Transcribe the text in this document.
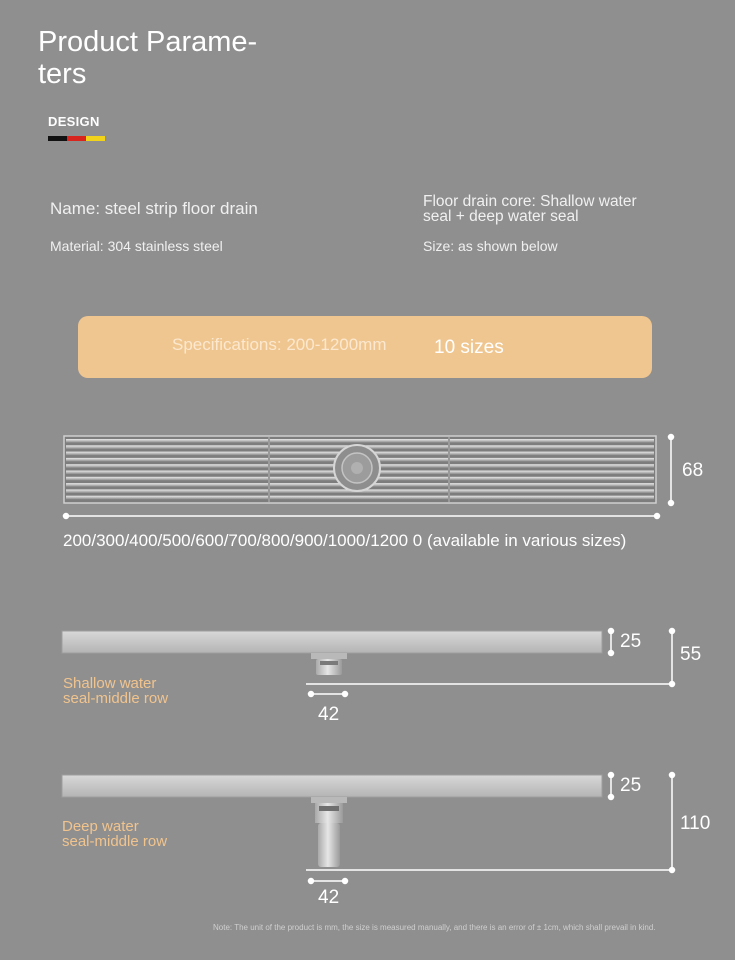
Product Parame-
ters
DESIGN
Name: steel strip floor drain
Material: 304 stainless steel
Floor drain core: Shallow water
seal + deep water seal
Size: as shown below
Specifications: 200-1200mm 10 sizes
68
200/300/400/500/600/700/800/900/1000/1200 0 (available in various sizes)
Shallow water
seal-middle row
25
55
42
Deep water
seal-middle row
25
110
42
Note: The unit of the product is mm, the size is measured manually, and there is an error of ± 1cm, which shall prevail in kind.
